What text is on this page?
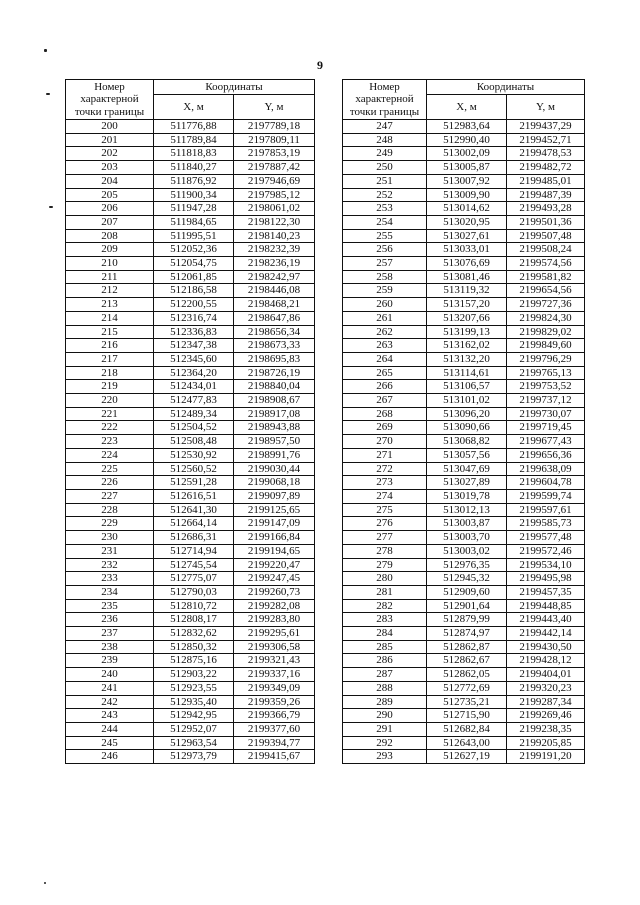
9
Номер характерной точки границы	Координаты	
	X, м	Y, м
200	511776,88	2197789,18
201	511789,84	2197809,11
202	511818,83	2197853,19
203	511840,27	2197887,42
204	511876,92	2197946,69
205	511900,34	2197985,12
206	511947,28	2198061,02
207	511984,65	2198122,30
208	511995,51	2198140,23
209	512052,36	2198232,39
210	512054,75	2198236,19
211	512061,85	2198242,97
212	512186,58	2198446,08
213	512200,55	2198468,21
214	512316,74	2198647,86
215	512336,83	2198656,34
216	512347,38	2198673,33
217	512345,60	2198695,83
218	512364,20	2198726,19
219	512434,01	2198840,04
220	512477,83	2198908,67
221	512489,34	2198917,08
222	512504,52	2198943,88
223	512508,48	2198957,50
224	512530,92	2198991,76
225	512560,52	2199030,44
226	512591,28	2199068,18
227	512616,51	2199097,89
228	512641,30	2199125,65
229	512664,14	2199147,09
230	512686,31	2199166,84
231	512714,94	2199194,65
232	512745,54	2199220,47
233	512775,07	2199247,45
234	512790,03	2199260,73
235	512810,72	2199282,08
236	512808,17	2199283,80
237	512832,62	2199295,61
238	512850,32	2199306,58
239	512875,16	2199321,43
240	512903,22	2199337,16
241	512923,55	2199349,09
242	512935,40	2199359,26
243	512942,95	2199366,79
244	512952,07	2199377,60
245	512963,54	2199394,77
246	512973,79	2199415,67
Номер характерной точки границы	Координаты	
	X, м	Y, м
247	512983,64	2199437,29
248	512990,40	2199452,71
249	513002,09	2199478,53
250	513005,87	2199482,72
251	513007,92	2199485,01
252	513009,90	2199487,39
253	513014,62	2199493,28
254	513020,95	2199501,36
255	513027,61	2199507,48
256	513033,01	2199508,24
257	513076,69	2199574,56
258	513081,46	2199581,82
259	513119,32	2199654,56
260	513157,20	2199727,36
261	513207,66	2199824,30
262	513199,13	2199829,02
263	513162,02	2199849,60
264	513132,20	2199796,29
265	513114,61	2199765,13
266	513106,57	2199753,52
267	513101,02	2199737,12
268	513096,20	2199730,07
269	513090,66	2199719,45
270	513068,82	2199677,43
271	513057,56	2199656,36
272	513047,69	2199638,09
273	513027,89	2199604,78
274	513019,78	2199599,74
275	513012,13	2199597,61
276	513003,87	2199585,73
277	513003,70	2199577,48
278	513003,02	2199572,46
279	512976,35	2199534,10
280	512945,32	2199495,98
281	512909,60	2199457,35
282	512901,64	2199448,85
283	512879,99	2199443,40
284	512874,97	2199442,14
285	512862,87	2199430,50
286	512862,67	2199428,12
287	512862,05	2199404,01
288	512772,69	2199320,23
289	512735,21	2199287,34
290	512715,90	2199269,46
291	512682,84	2199238,35
292	512643,00	2199205,85
293	512627,19	2199191,20
